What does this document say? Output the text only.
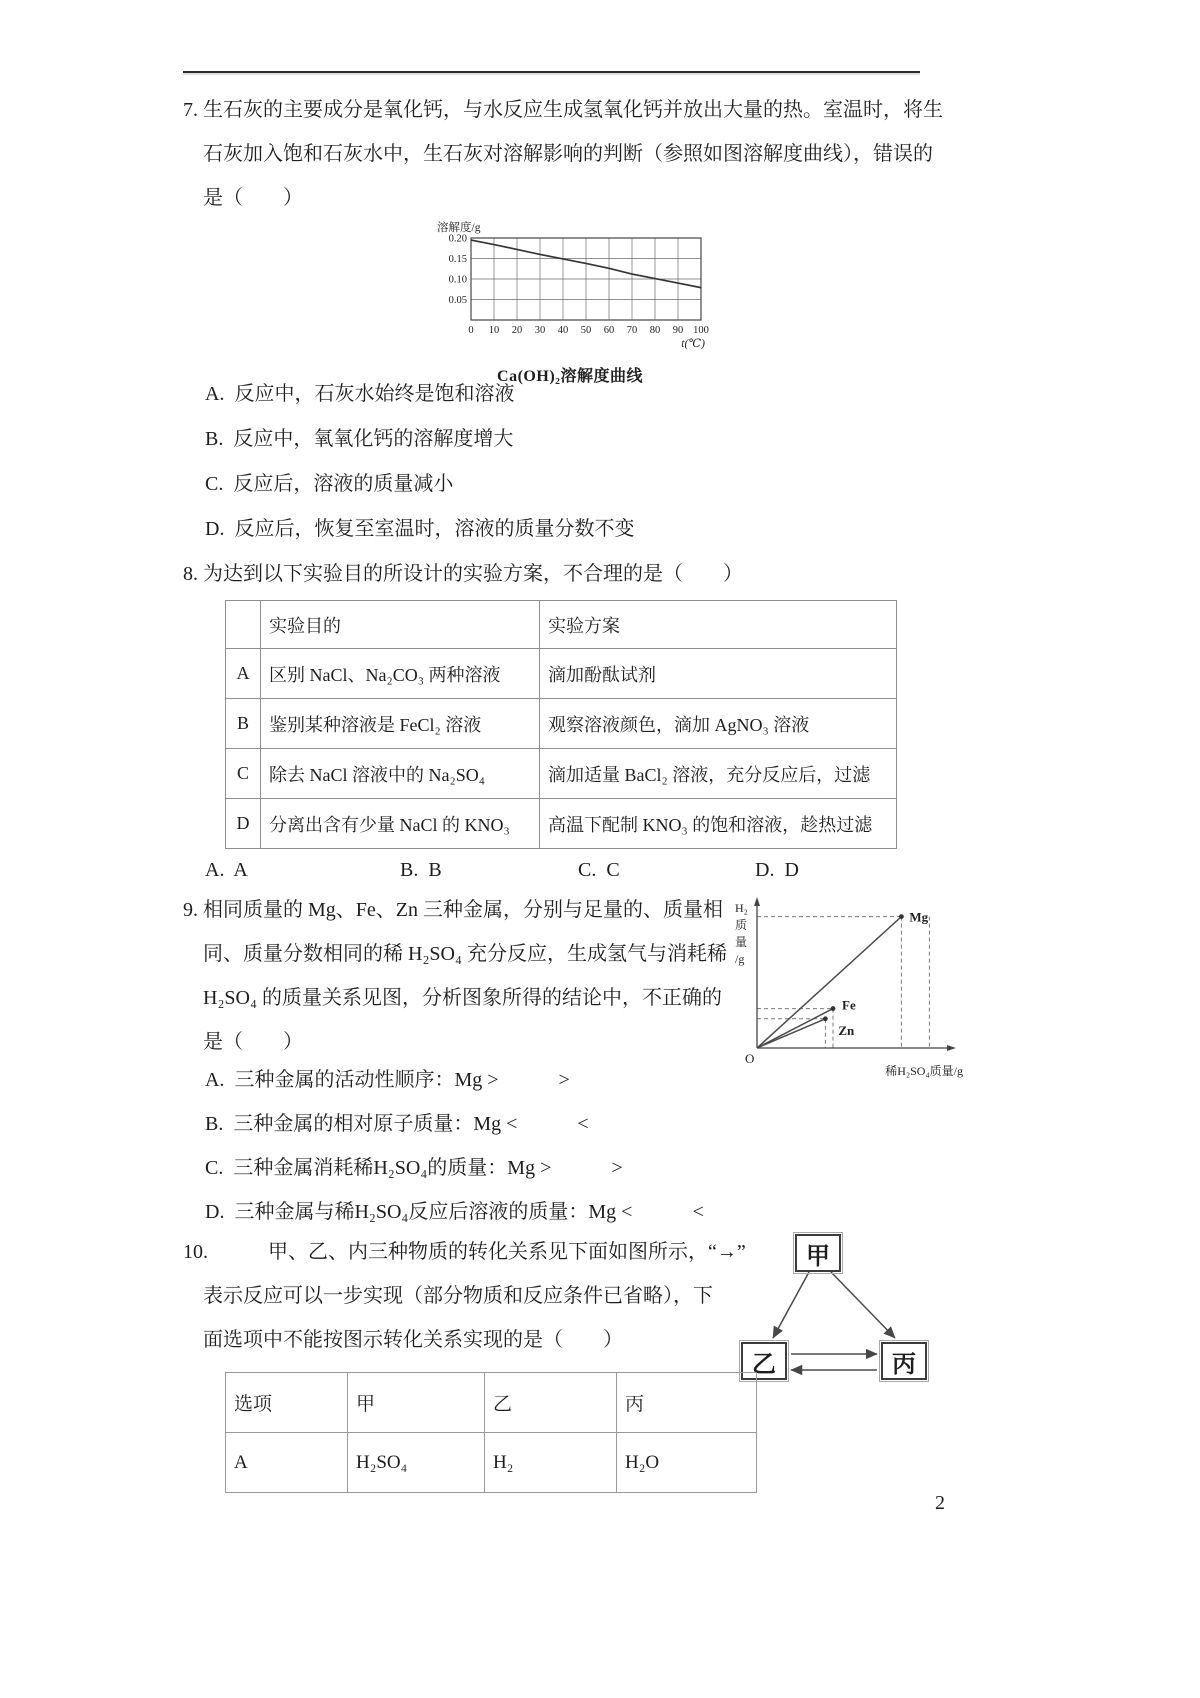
7. 生石灰的主要成分是氧化钙，与水反应生成氢氧化钙并放出大量的热。室温时，将生
石灰加入饱和石灰水中，生石灰对溶解影响的判断（参照如图溶解度曲线），错误的
是（　　）
0 10 20 30 40 50 60 70 80 90 100
0.05
0.10
0.15
0.20
溶解度/g
t(℃)
Ca(OH)₂溶解度曲线
A.  反应中，石灰水始终是饱和溶液
B.  反应中，氧氧化钙的溶解度增大
C.  反应后，溶液的质量减小
D.  反应后，恢复至室温时，溶液的质量分数不变
8. 为达到以下实验目的所设计的实验方案，不合理的是（　　）
	实验目的	实验方案
A	区别 NaCl、Na₂CO₃ 两种溶液	滴加酚酞试剂
B	鉴别某种溶液是 FeCl₂ 溶液	观察溶液颜色，滴加 AgNO₃ 溶液
C	除去 NaCl 溶液中的 Na₂SO₄	滴加适量 BaCl₂ 溶液，充分反应后，过滤
D	分离出含有少量 NaCl 的 KNO₃	高温下配制 KNO₃ 的饱和溶液，趁热过滤
A.  A	B.  B	C.  C	D.  D
9. 相同质量的 Mg、Fe、Zn 三种金属，分别与足量的、质量相
同、质量分数相同的稀 H₂SO₄ 充分反应，生成氢气与消耗稀
H₂SO₄ 的质量关系见图，分析图象所得的结论中，不正确的
是（　　）
A.  三种金属的活动性顺序：Mg >　　　>
B.  三种金属的相对原子质量：Mg <　　　<
C.  三种金属消耗稀H₂SO₄的质量：Mg >　　　>
D.  三种金属与稀H₂SO₄反应后溶液的质量：Mg <　　　<
Mg
Fe
Zn
O
H₂ 质量/g
稀H₂SO₄质量/g
10.　　　甲、乙、内三种物质的转化关系见下面如图所示，“→”
表示反应可以一步实现（部分物质和反应条件已省略），下
面选项中不能按图示转化关系实现的是（　　）
甲
乙	丙
选项	甲	乙	丙
A	H₂SO₄	H₂	H₂O
2
